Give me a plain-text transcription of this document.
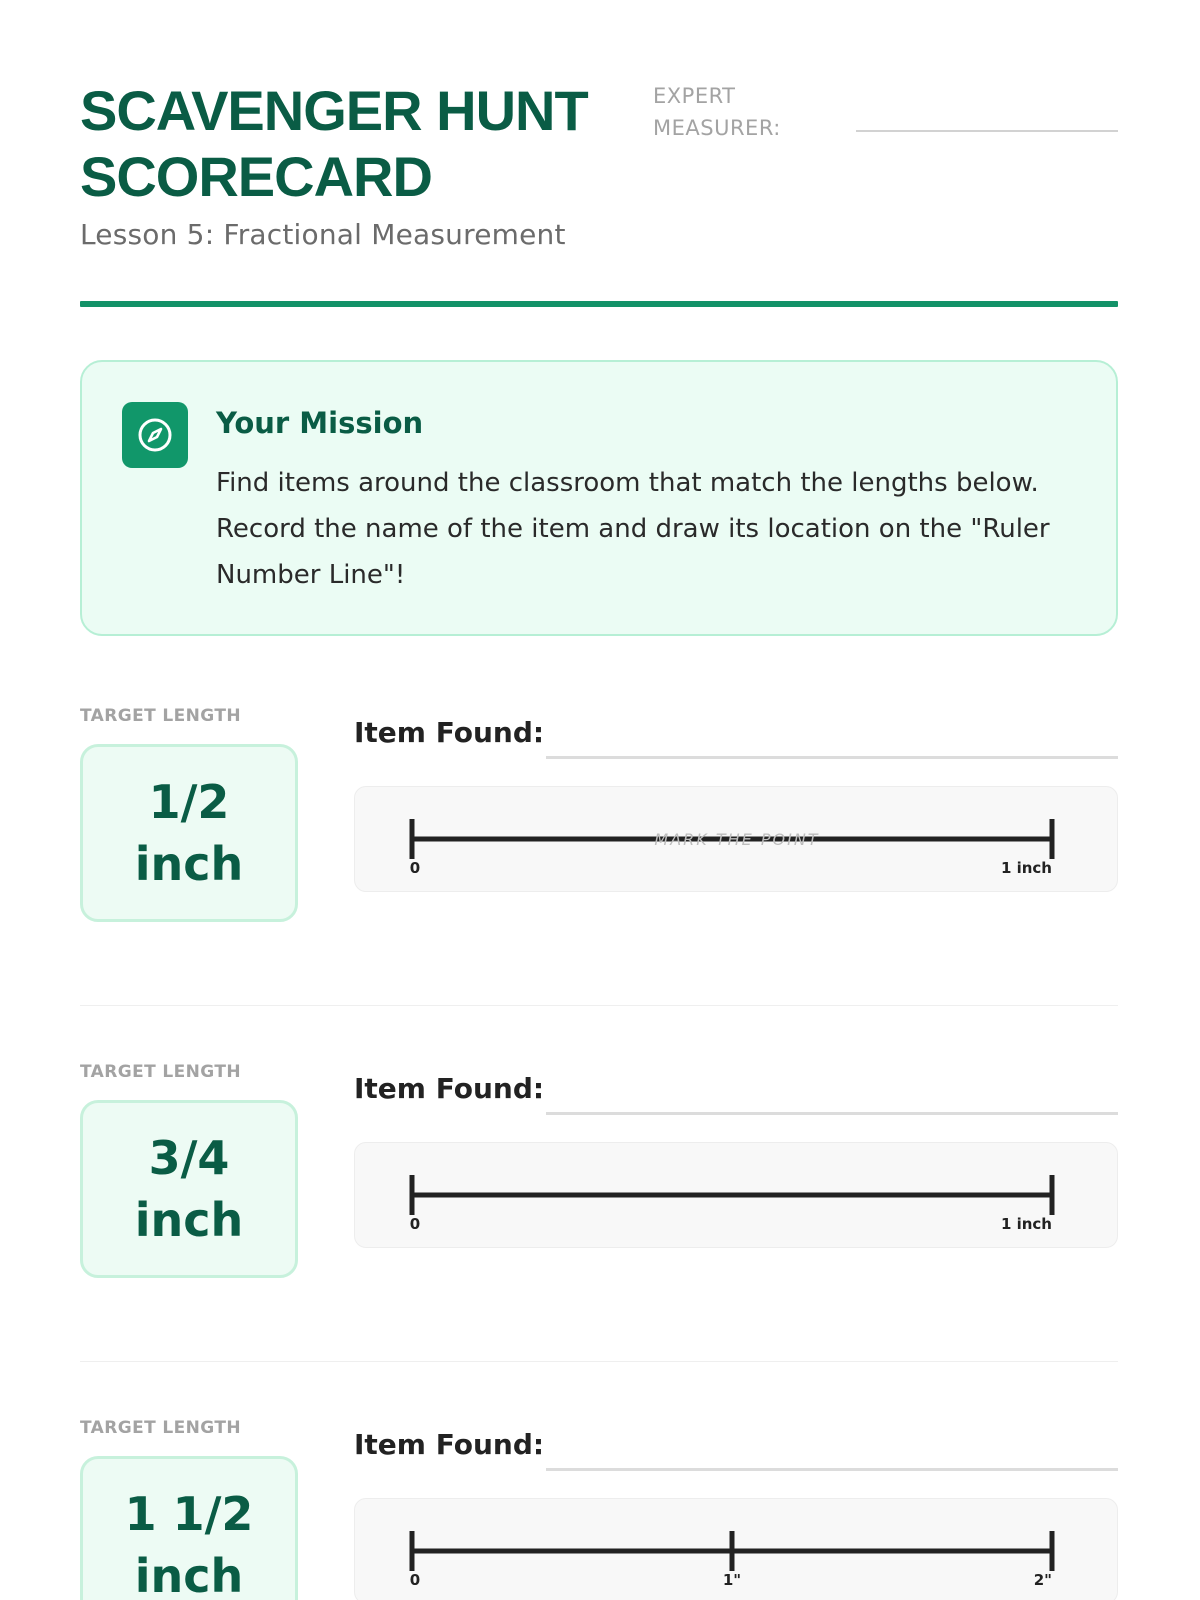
SCAVENGER HUNT
SCORECARD
Lesson 5: Fractional Measurement
EXPERT
MEASURER:
Your Mission
Find items around the classroom that match the lengths below. Record the name of the item and draw its location on the "Ruler Number Line"!
TARGET LENGTH
1/2
inch
Item Found:
MARK THE POINT
0	1 inch
TARGET LENGTH
3/4
inch
Item Found:
0	1 inch
TARGET LENGTH
1 1/2
inch
Item Found:
0	1"	2"
